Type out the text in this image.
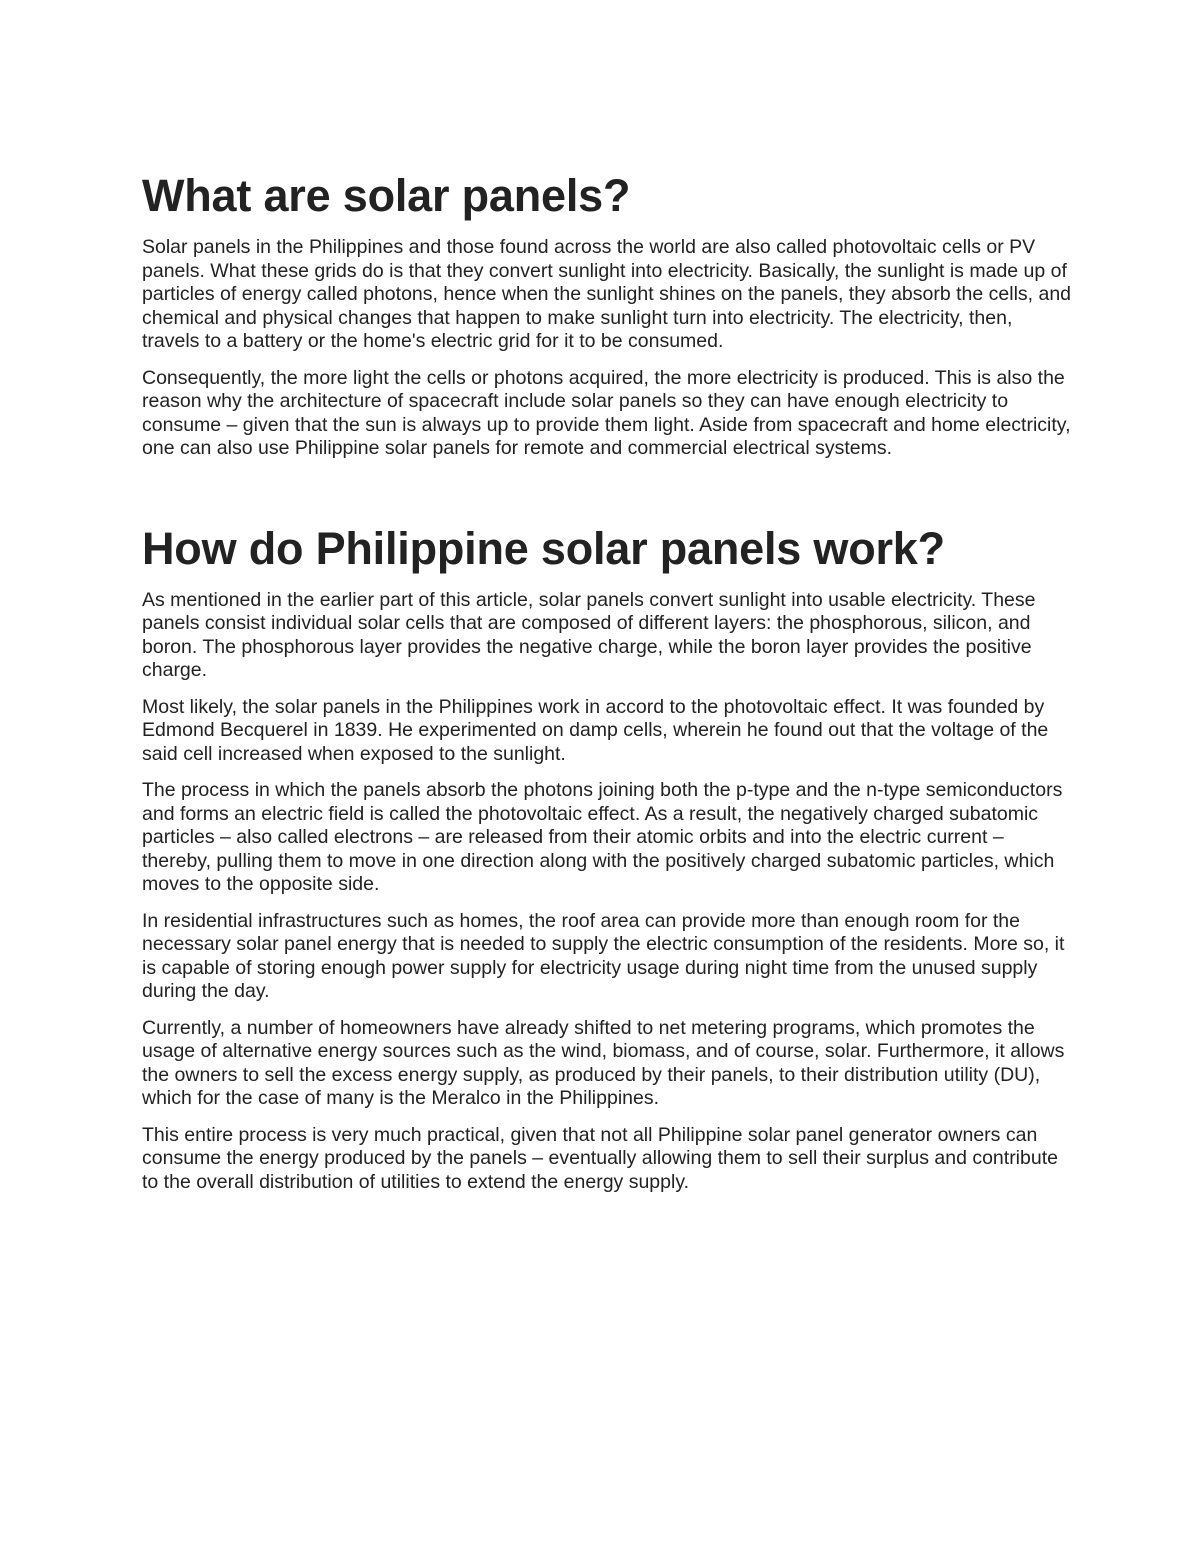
What are solar panels?

Solar panels in the Philippines and those found across the world are also called photovoltaic cells or PV panels. What these grids do is that they convert sunlight into electricity. Basically, the sunlight is made up of particles of energy called photons, hence when the sunlight shines on the panels, they absorb the cells, and chemical and physical changes that happen to make sunlight turn into electricity. The electricity, then, travels to a battery or the home's electric grid for it to be consumed.

Consequently, the more light the cells or photons acquired, the more electricity is produced. This is also the reason why the architecture of spacecraft include solar panels so they can have enough electricity to consume – given that the sun is always up to provide them light. Aside from spacecraft and home electricity, one can also use Philippine solar panels for remote and commercial electrical systems.

How do Philippine solar panels work?

As mentioned in the earlier part of this article, solar panels convert sunlight into usable electricity. These panels consist individual solar cells that are composed of different layers: the phosphorous, silicon, and boron. The phosphorous layer provides the negative charge, while the boron layer provides the positive charge.

Most likely, the solar panels in the Philippines work in accord to the photovoltaic effect. It was founded by Edmond Becquerel in 1839. He experimented on damp cells, wherein he found out that the voltage of the said cell increased when exposed to the sunlight.

The process in which the panels absorb the photons joining both the p-type and the n-type semiconductors and forms an electric field is called the photovoltaic effect. As a result, the negatively charged subatomic particles – also called electrons – are released from their atomic orbits and into the electric current – thereby, pulling them to move in one direction along with the positively charged subatomic particles, which moves to the opposite side.

In residential infrastructures such as homes, the roof area can provide more than enough room for the necessary solar panel energy that is needed to supply the electric consumption of the residents. More so, it is capable of storing enough power supply for electricity usage during night time from the unused supply during the day.

Currently, a number of homeowners have already shifted to net metering programs, which promotes the usage of alternative energy sources such as the wind, biomass, and of course, solar. Furthermore, it allows the owners to sell the excess energy supply, as produced by their panels, to their distribution utility (DU), which for the case of many is the Meralco in the Philippines.

This entire process is very much practical, given that not all Philippine solar panel generator owners can consume the energy produced by the panels – eventually allowing them to sell their surplus and contribute to the overall distribution of utilities to extend the energy supply.
